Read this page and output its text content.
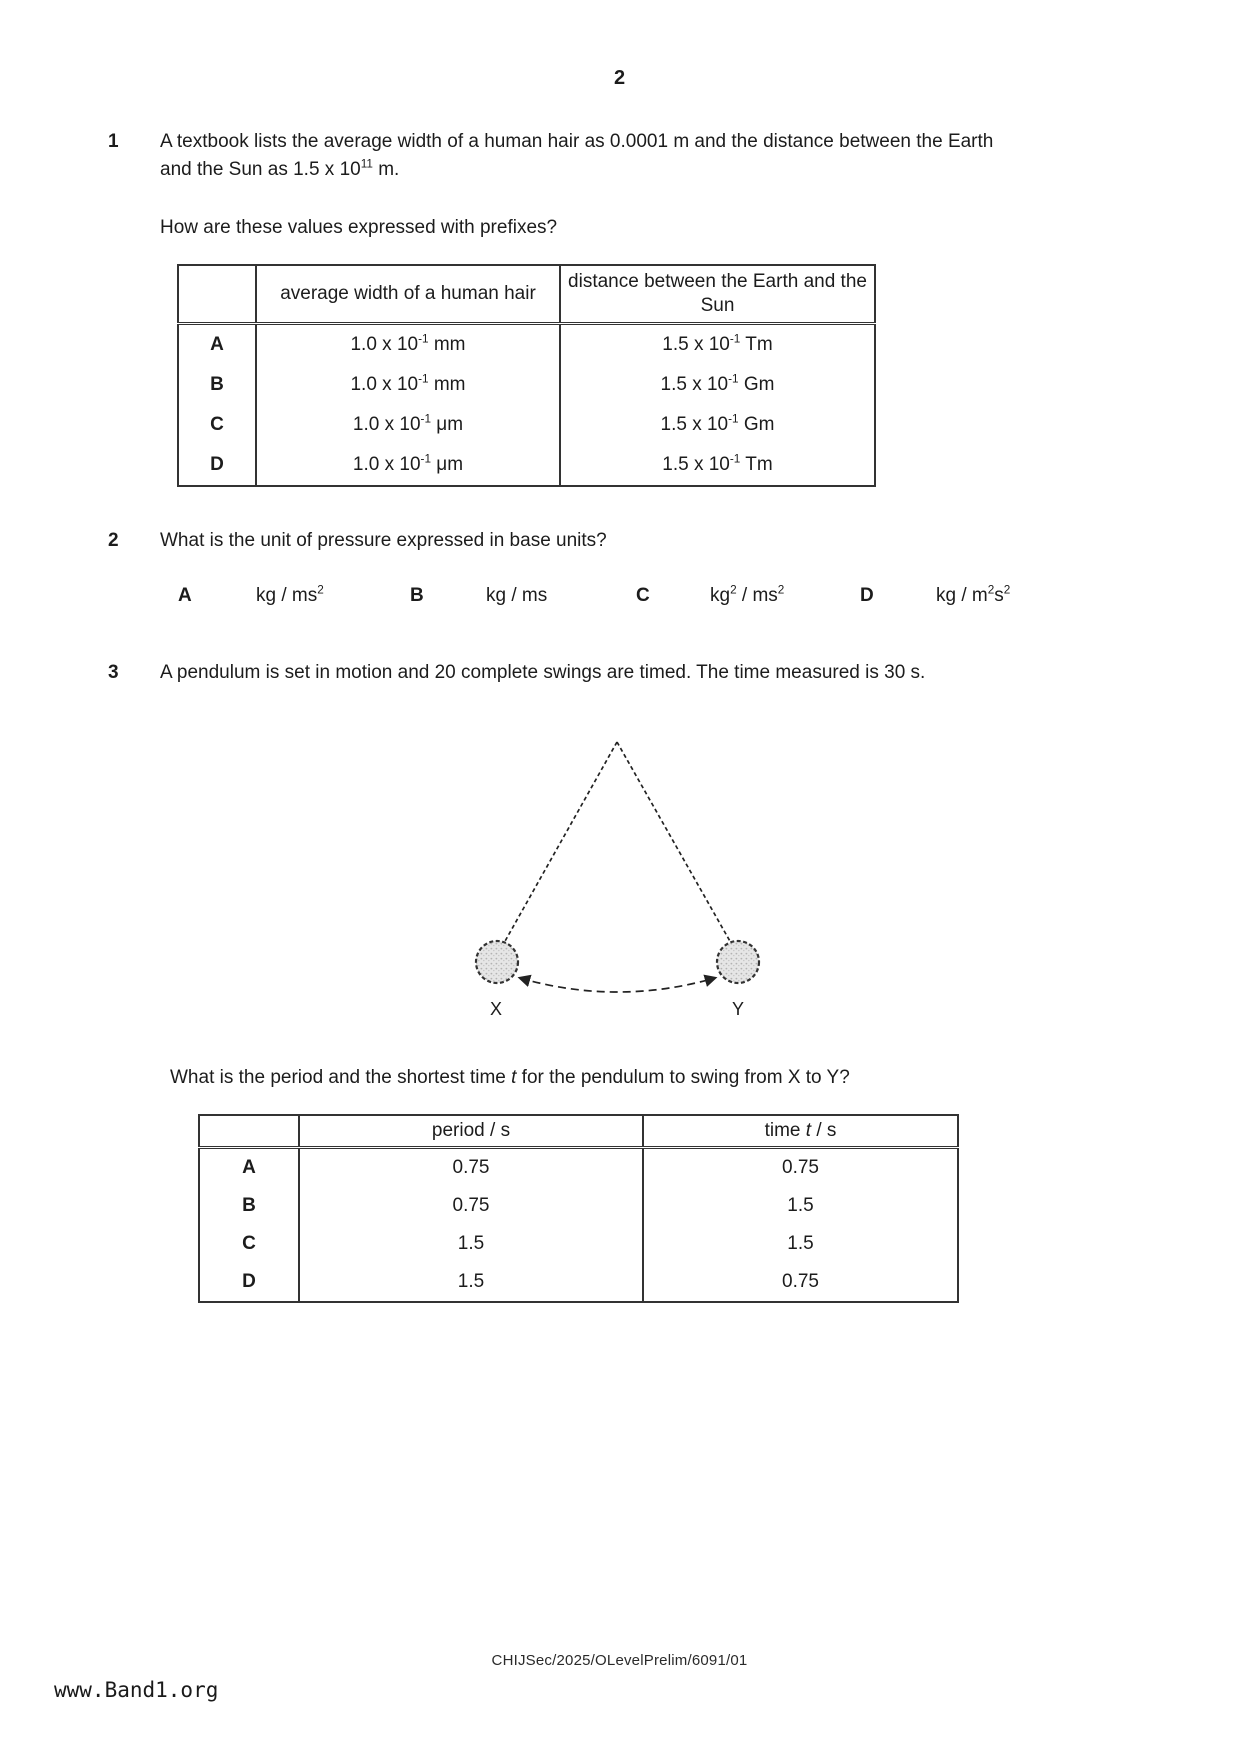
2
1 A textbook lists the average width of a human hair as 0.0001 m and the distance between the Earth and the Sun as 1.5 x $10^{11}$ m.
How are these values expressed with prefixes?
	average width of a human hair	distance between the Earth and the Sun
A	1.0 x $10^{-1}$ mm	1.5 x $10^{-1}$ Tm
B	1.0 x $10^{-1}$ mm	1.5 x $10^{-1}$ Gm
C	1.0 x $10^{-1}$ μm	1.5 x $10^{-1}$ Gm
D	1.0 x $10^{-1}$ μm	1.5 x $10^{-1}$ Tm
2 What is the unit of pressure expressed in base units?
A	kg / $ms^2$	B	kg / ms	C	$kg^2 / ms^2$	D	kg / $m^2s^2$
3 A pendulum is set in motion and 20 complete swings are timed. The time measured is 30 s.
X	Y
What is the period and the shortest time t for the pendulum to swing from X to Y?
	period / s	time t / s
A	0.75	0.75
B	0.75	1.5
C	1.5	1.5
D	1.5	0.75
CHIJSec/2025/OLevelPrelim/6091/01
www.Band1.org
